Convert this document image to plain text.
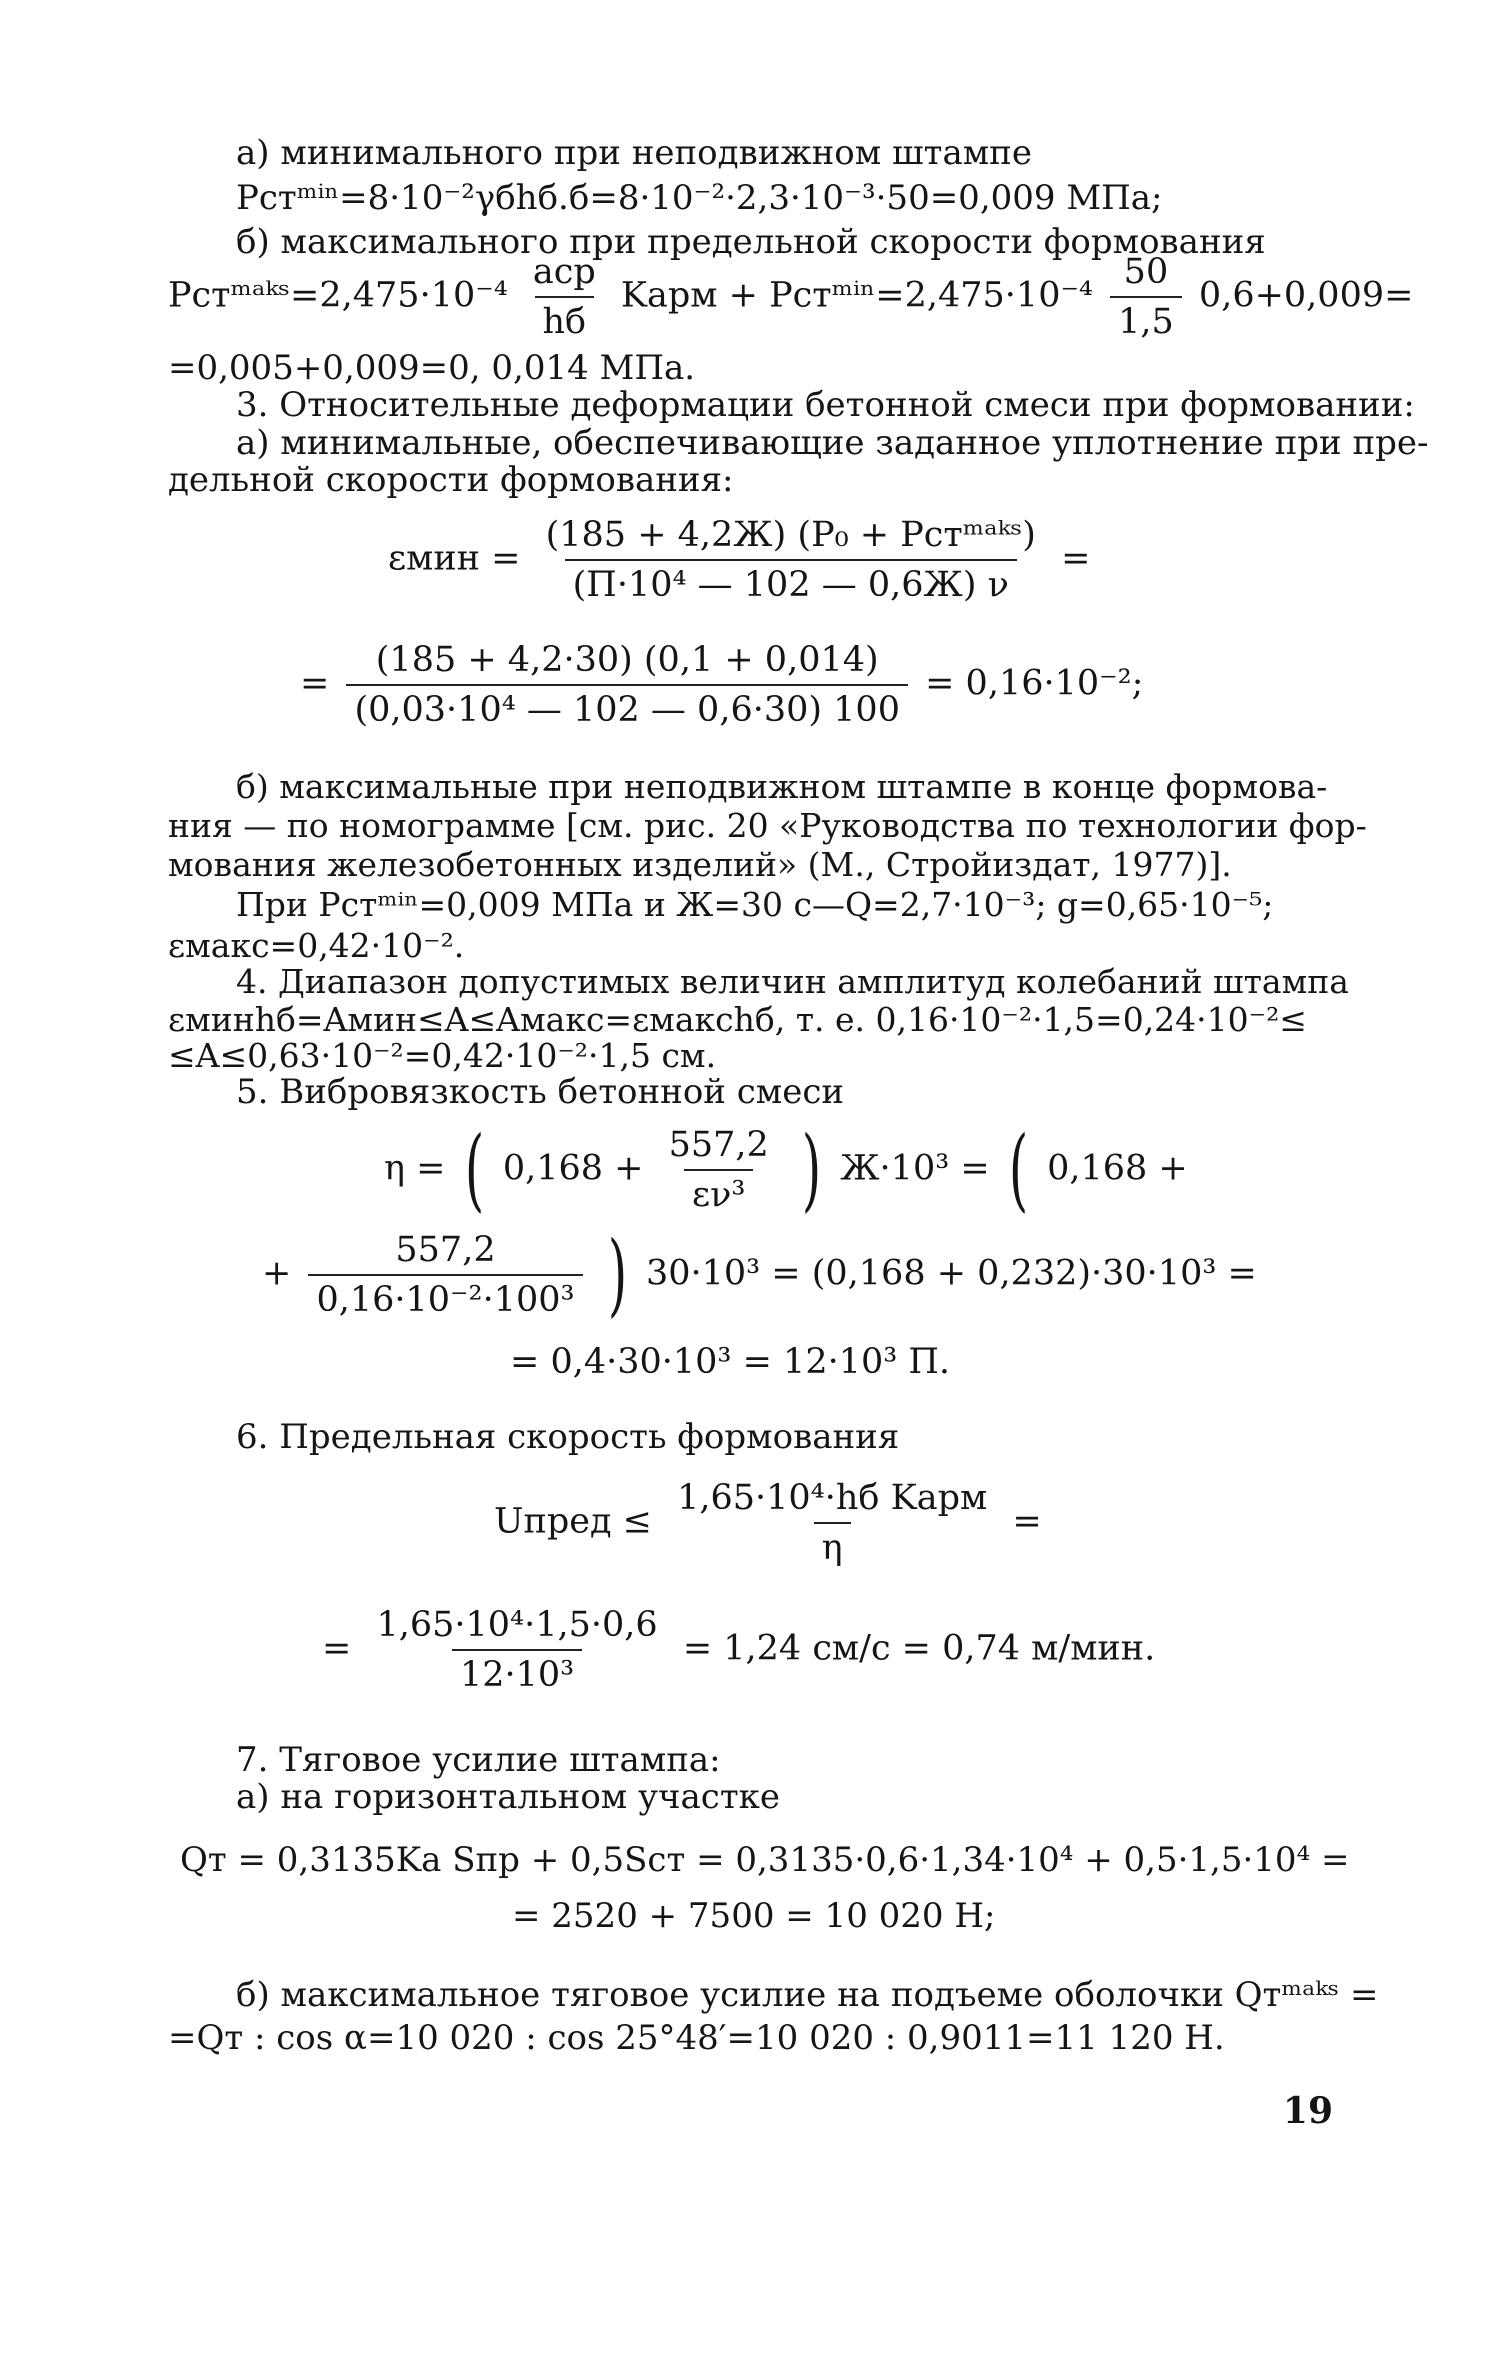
а) минимального при неподвижном штампе
Pстᵐⁱⁿ=8·10⁻²γбhб.б=8·10⁻²·2,3·10⁻³·50=0,009 МПа;
б) максимального при предельной скорости формования
Pстᵐᵃᵏˢ=2,475·10⁻⁴ $\frac{\text{aср}}{hб}$ Kарм + Pстᵐⁱⁿ=2,475·10⁻⁴ $\frac{50}{1,5} 0,6+0,009=$
=0,005+0,009=0, 0,014 МПа.
3. Относительные деформации бетонной смеси при формовании:
а) минимальные, обеспечивающие заданное уплотнение при пре-
дельной скорости формования:
$\varepsilon мин = \frac{\text{(185 + 4,2Ж) (P₀ + Pстᵐᵃᵏˢ)}}{\text{(П·10⁴ — 102 — 0,6Ж) ν}}$ =
= $\frac{(185 + 4,2\cdot 30) (0,1 + 0,014)}{\text{(0,03·10⁴ — 102 — 0,6·30) 100}} = 0,16\cdot 10^{-2}$;
б) максимальные при неподвижном штампе в конце формова-
ния — по номограмме [см. рис. 20 «Руководства по технологии фор-
мования железобетонных изделий» (М., Стройиздат, 1977)].
При Pстᵐⁱⁿ=0,009 МПа и Ж=30 с—Q=2,7·10⁻³; g=0,65·10⁻⁵;
εмакс=0,42·10⁻².
4. Диапазон допустимых величин амплитуд колебаний штампа
εминhб=Aмин≤A≤Aмакс=εмаксhб, т. е. 0,16·10⁻²·1,5=0,24·10⁻²≤
≤A≤0,63·10⁻²=0,42·10⁻²·1,5 см.
5. Вибровязкость бетонной смеси
η = ( $0,168 + \frac{557,2}{\text{εν³}}$ ) Ж·10³ = ( 0,168 +
+ $\frac{557,2}{\text{0,16·10⁻²·100³}}$ ) 30·10³ = (0,168 + 0,232)·30·10³ =
= 0,4·30·10³ = 12·10³ П.
6. Предельная скорость формования
Uпред ≤ $\frac{\text{1,65·10⁴·hб Kарм}}{\eta}$ =
= $\frac{\text{1,65·10⁴·1,5·0,6}}{\text{12·10³}} = 1,24$ см/с = 0,74 м/мин.
7. Тяговое усилие штампа:
а) на горизонтальном участке
Qт = 0,3135Kа Sпр + 0,5Sст = 0,3135·0,6·1,34·10⁴ + 0,5·1,5·10⁴ =
= 2520 + 7500 = 10 020 Н;
б) максимальное тяговое усилие на подъеме оболочки Qтᵐᵃᵏˢ =
=Qт : cos α=10 020 : cos 25°48′=10 020 : 0,9011=11 120 Н.
19
